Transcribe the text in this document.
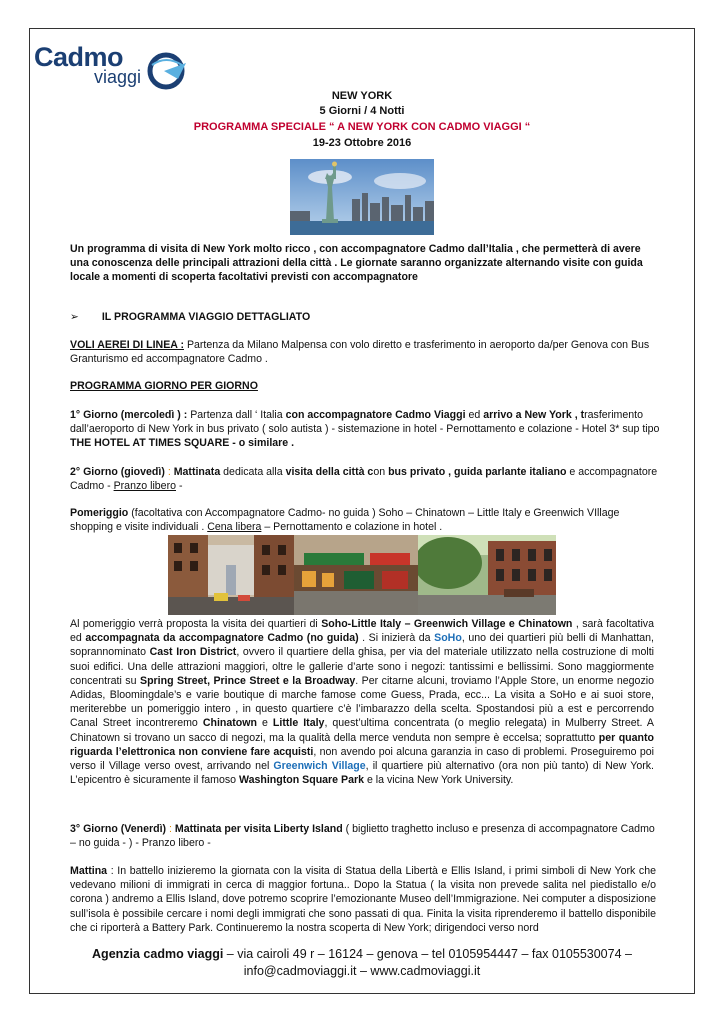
Cadmo
viaggi
NEW YORK
5 Giorni / 4 Notti
PROGRAMMA SPECIALE “ A NEW YORK CON CADMO VIAGGI “
19-23 Ottobre 2016
Un programma di visita di New York molto ricco , con accompagnatore Cadmo dall’Italia , che permetterà di avere una conoscenza delle principali attrazioni della città . Le giornate saranno organizzate alternando visite con guida locale a momenti di scoperta facoltativi previsti con accompagnatore
➢ IL PROGRAMMA VIAGGIO DETTAGLIATO
VOLI AEREI DI LINEA : Partenza da Milano Malpensa con volo diretto e trasferimento in aeroporto da/per Genova con Bus Granturismo ed accompagnatore Cadmo .
PROGRAMMA GIORNO PER GIORNO
1° Giorno (mercoledì ) : Partenza dall ‘ Italia con accompagnatore Cadmo Viaggi ed arrivo a New York , trasferimento dall’aeroporto di New York in bus privato ( solo autista ) - sistemazione in hotel - Pernottamento e colazione - Hotel 3* sup tipo THE HOTEL AT TIMES SQUARE - o similare .
2° Giorno (giovedì) : Mattinata dedicata alla visita della città con bus privato , guida parlante italiano e accompagnatore Cadmo - Pranzo libero -
Pomeriggio (facoltativa con Accompagnatore Cadmo- no guida ) Soho – Chinatown – Little Italy e Greenwich VIllage shopping e visite individuali . Cena libera – Pernottamento e colazione in hotel .
Al pomeriggio verrà proposta la visita dei quartieri di Soho-Little Italy – Greenwich Village e Chinatown , sarà facoltativa ed accompagnata da accompagnatore Cadmo (no guida) . Si inizierà da SoHo, uno dei quartieri più belli di Manhattan, soprannominato Cast Iron District, ovvero il quartiere della ghisa, per via del materiale utilizzato nella costruzione di molti suoi edifici. Una delle attrazioni maggiori, oltre le gallerie d’arte sono i negozi: tantissimi e bellissimi. Sono maggiormente concentrati su Spring Street, Prince Street e la Broadway. Per citarne alcuni, troviamo l’Apple Store, un enorme negozio Adidas, Bloomingdale’s e varie boutique di marche famose come Guess, Prada, ecc... La visita a SoHo e ai suoi store, meriterebbe un pomeriggio intero , in questo quartiere c’è l’imbarazzo della scelta. Spostandosi più a est e percorrendo Canal Street incontreremo Chinatown e Little Italy, quest’ultima concentrata (o meglio relegata) in Mulberry Street. A Chinatown si trovano un sacco di negozi, ma la qualità della merce venduta non sempre è eccelsa; soprattutto per quanto riguarda l’elettronica non conviene fare acquisti, non avendo poi alcuna garanzia in caso di problemi. Proseguiremo poi verso il Village verso ovest, arrivando nel Greenwich Village, il quartiere più alternativo (ora non più tanto) di New York. L’epicentro è sicuramente il famoso Washington Square Park e la vicina New York University.
3° Giorno (Venerdì) : Mattinata per visita Liberty Island ( biglietto traghetto incluso e presenza di accompagnatore Cadmo – no guida - ) - Pranzo libero -
Mattina : In battello inizieremo la giornata con la visita di Statua della Libertà e Ellis Island, i primi simboli di New York che vedevano milioni di immigrati in cerca di maggior fortuna.. Dopo la Statua ( la visita non prevede salita nel piedistallo e/o corona ) andremo a Ellis Island, dove potremo scoprire l’emozionante Museo dell’Immigrazione. Nei computer a disposizione sull’isola è possibile cercare i nomi degli immigrati che sono passati di qua. Finita la visita riprenderemo il battello disponibile che ci riporterà a Battery Park. Continueremo la nostra scoperta di New York; dirigendoci verso nord
Agenzia cadmo viaggi – via cairoli 49 r – 16124 – genova – tel 0105954447 – fax 0105530074 –
info@cadmoviaggi.it – www.cadmoviaggi.it
